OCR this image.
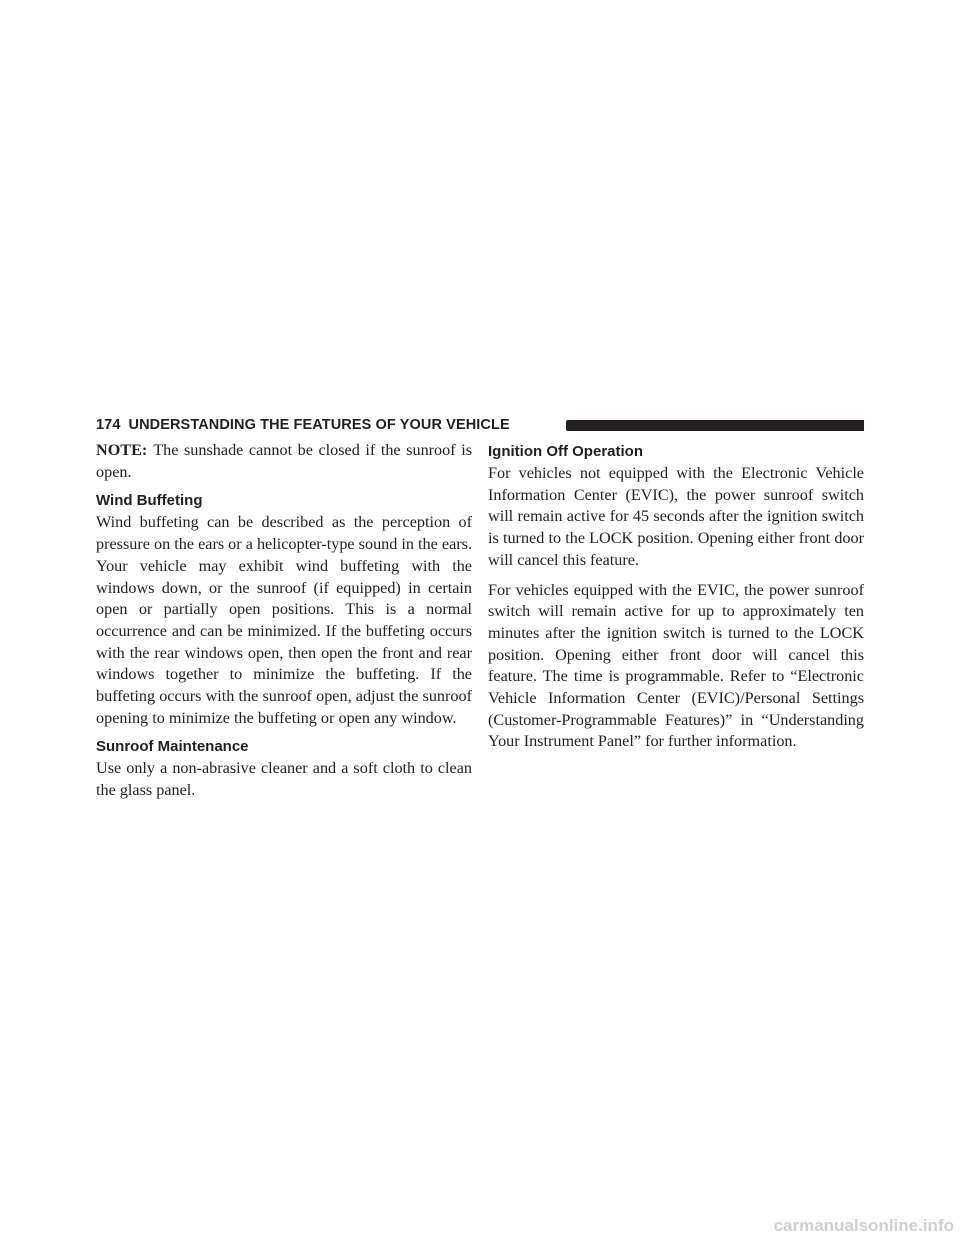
174 UNDERSTANDING THE FEATURES OF YOUR VEHICLE

NOTE: The sunshade cannot be closed if the sunroof is open.

Wind Buffeting

Wind buffeting can be described as the perception of pressure on the ears or a helicopter-type sound in the ears. Your vehicle may exhibit wind buffeting with the windows down, or the sunroof (if equipped) in certain open or partially open positions. This is a normal occurrence and can be minimized. If the buffeting occurs with the rear windows open, then open the front and rear windows together to minimize the buffeting. If the buffeting occurs with the sunroof open, adjust the sunroof opening to minimize the buffeting or open any window.

Sunroof Maintenance

Use only a non-abrasive cleaner and a soft cloth to clean the glass panel.

Ignition Off Operation

For vehicles not equipped with the Electronic Vehicle Information Center (EVIC), the power sunroof switch will remain active for 45 seconds after the ignition switch is turned to the LOCK position. Opening either front door will cancel this feature.

For vehicles equipped with the EVIC, the power sunroof switch will remain active for up to approximately ten minutes after the ignition switch is turned to the LOCK position. Opening either front door will cancel this feature. The time is programmable. Refer to “Electronic Vehicle Information Center (EVIC)/Personal Settings (Customer-Programmable Features)” in “Understanding Your Instrument Panel” for further information.

carmanualsonline.info
